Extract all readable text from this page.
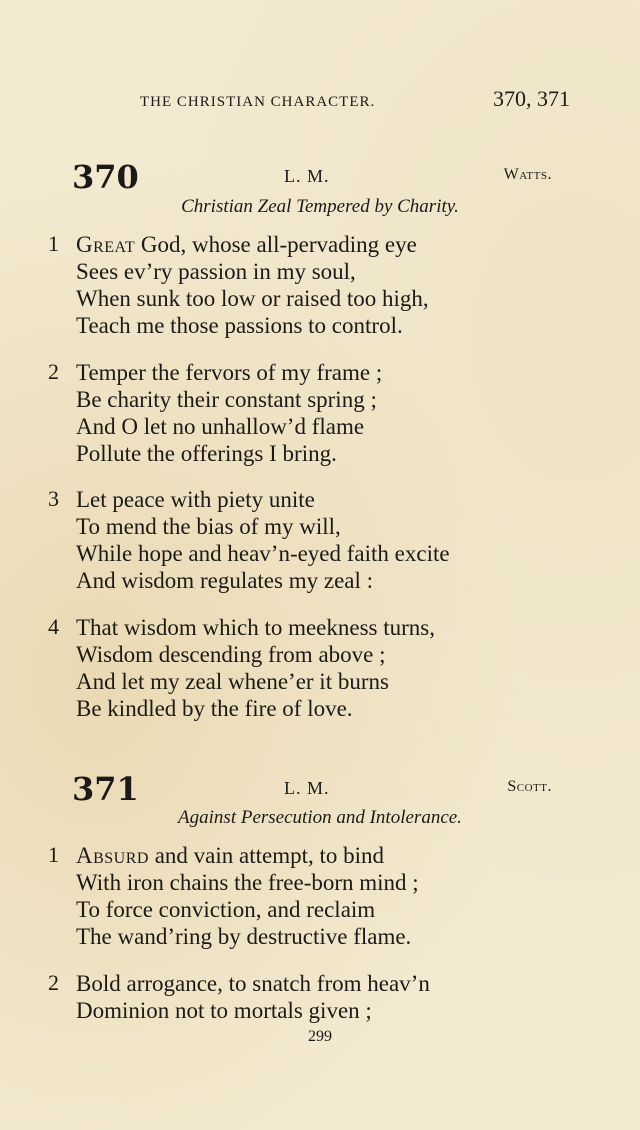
THE CHRISTIAN CHARACTER.	370, 371
370	L. M.	Watts.
Christian Zeal Tempered by Charity.
1 Great God, whose all-pervading eye
Sees ev’ry passion in my soul,
When sunk too low or raised too high,
Teach me those passions to control.
2 Temper the fervors of my frame ;
Be charity their constant spring ;
And O let no unhallow’d flame
Pollute the offerings I bring.
3 Let peace with piety unite
To mend the bias of my will,
While hope and heav’n-eyed faith excite
And wisdom regulates my zeal :
4 That wisdom which to meekness turns,
Wisdom descending from above ;
And let my zeal whene’er it burns
Be kindled by the fire of love.
371	L. M.	Scott.
Against Persecution and Intolerance.
1 Absurd and vain attempt, to bind
With iron chains the free-born mind ;
To force conviction, and reclaim
The wand’ring by destructive flame.
2 Bold arrogance, to snatch from heav’n
Dominion not to mortals given ;
299
